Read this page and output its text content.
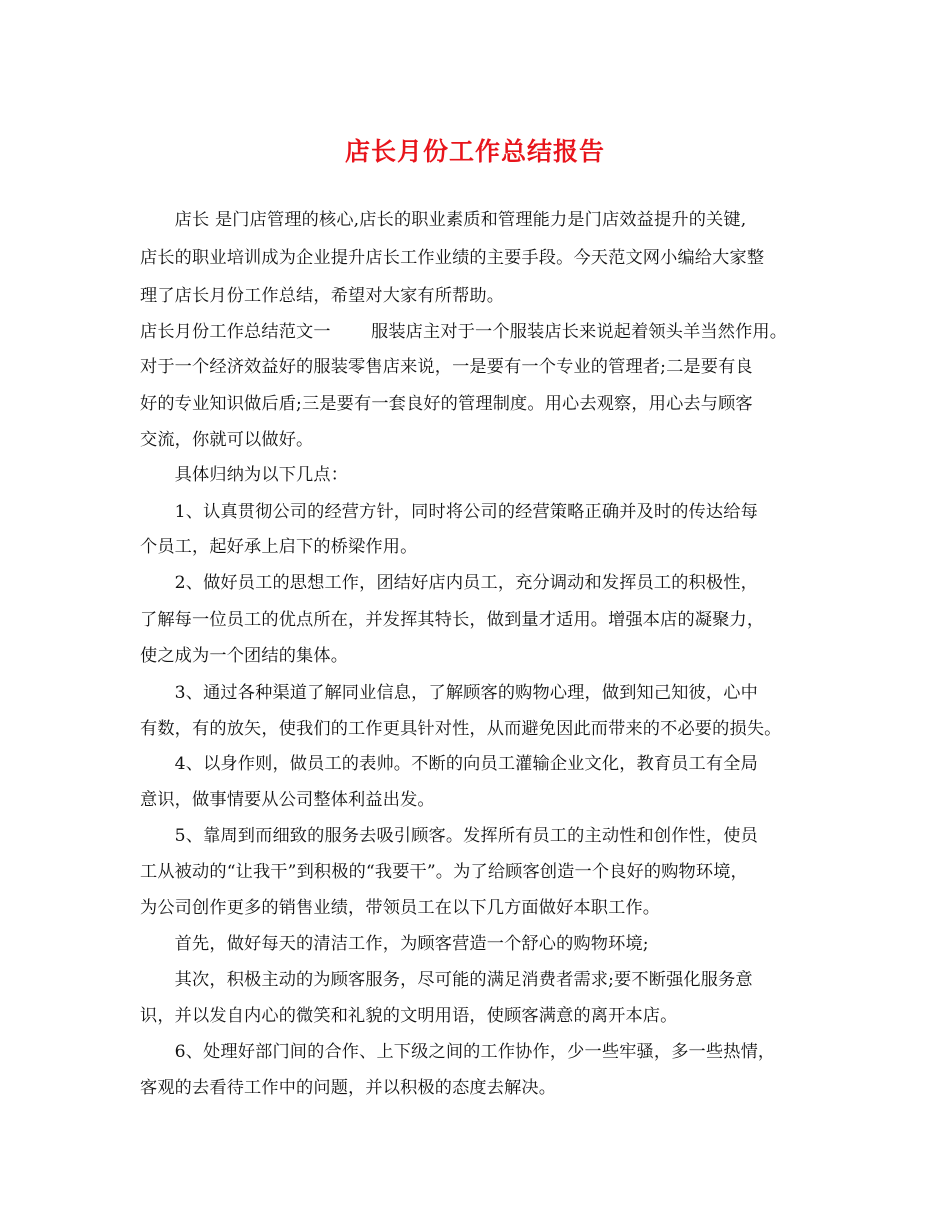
店长月份工作总结报告
　　店长 是门店管理的核心,店长的职业素质和管理能力是门店效益提升的关键,
店长的职业培训成为企业提升店长工作业绩的主要手段。今天范文网小编给大家整
理了店长月份工作总结，希望对大家有所帮助。
店长月份工作总结范文一　　 服装店主对于一个服装店长来说起着领头羊当然作用。
对于一个经济效益好的服装零售店来说，一是要有一个专业的管理者;二是要有良
好的专业知识做后盾;三是要有一套良好的管理制度。用心去观察，用心去与顾客
交流，你就可以做好。
　　具体归纳为以下几点：
　　1、认真贯彻公司的经营方针，同时将公司的经营策略正确并及时的传达给每
个员工，起好承上启下的桥梁作用。
　　2、做好员工的思想工作，团结好店内员工，充分调动和发挥员工的积极性，
了解每一位员工的优点所在，并发挥其特长，做到量才适用。增强本店的凝聚力，
使之成为一个团结的集体。
　　3、通过各种渠道了解同业信息，了解顾客的购物心理，做到知己知彼，心中
有数，有的放矢，使我们的工作更具针对性，从而避免因此而带来的不必要的损失。
　　4、以身作则，做员工的表帅。不断的向员工灌输企业文化，教育员工有全局
意识，做事情要从公司整体利益出发。
　　5、靠周到而细致的服务去吸引顾客。发挥所有员工的主动性和创作性，使员
工从被动的“让我干”到积极的“我要干”。为了给顾客创造一个良好的购物环境，
为公司创作更多的销售业绩，带领员工在以下几方面做好本职工作。
　　首先，做好每天的清洁工作，为顾客营造一个舒心的购物环境;
　　其次，积极主动的为顾客服务，尽可能的满足消费者需求;要不断强化服务意
识，并以发自内心的微笑和礼貌的文明用语，使顾客满意的离开本店。
　　6、处理好部门间的合作、上下级之间的工作协作，少一些牢骚，多一些热情，
客观的去看待工作中的问题，并以积极的态度去解决。
